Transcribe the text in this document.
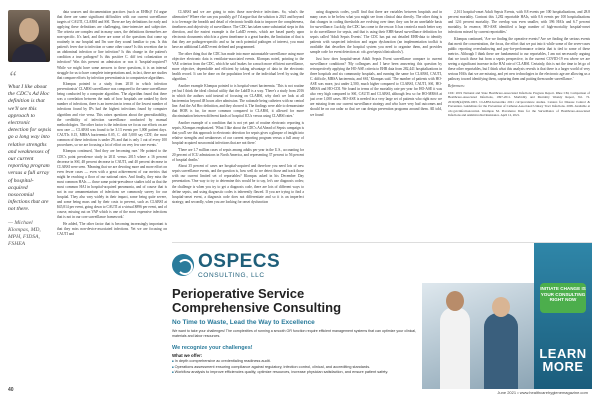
“
What I like about the CDC's Ad Hoc definition is that we'll see this approach to electronic detection for sepsis go a long way into relative strengths and weaknesses of our current reporting program versus a full array of hospital-acquired nosocomial infections that are not there.
— Michael Klompas, MD, MPH, FIDSA, FSHEA

data sources and documentation practices (such as EHRs)? I'd argue that there are some significant difficulties with our current surveillance targets of CAUTI, CLABSI and SSI. There are key definitions for early and applying these definitions are challenging, time-intensive and subjective. The criteria are complex and in many cases, the definitions themselves are non-specific. It's hard, and there are some of the questions that come up routinely in our hospital and I'm sure they sound familiar to you. Is this patient's fever due to infection or some other cause? Is this secretion due to an abdominal infection or line infection? Is this change in the patient's condition a true pathogen? Is this positive C. diff test colonization or infection? Was this present on admission or was it 'hospital-acquired'? While we might have some answers to these questions, it is an internal struggle for us to have complete interpretations and, in fact, there are studies that compare efforts by infection preventionists to computerize algorithms.

Klompas pointed to a study from 2010 in which infection preventionists' CLABSI surveillance was compared to the same surveillance being conducted by a computer algorithm. 'The algorithm found that there was a correlation between the rank of how hospitals are ranked by their number of infections, there is an inversion in terms of the lowest number of infections found by IPs had the highest infections found by computer algorithm and vice versa. This raises questions about the generalizability, the credibility of infection surveillance conducted by manual methodologies. The other factor is the infections we focus our efforts on are now rare — CLABSI was found to be 3.13 events per 1,000 patient days. CAUTIs 0.15, MRSA bacteremia 0.05, C. diff 5,000 say CDT; the most common of these infections is under 2% and that is only 1 out of every 100 procedures, so we are focusing a lot of effort on very few rare events.'

Klompas continued, 'And they are becoming rare.' He pointed to the CDC's point prevalence study in 2011 versus 2015 where a 16 percent decrease in SSI, 48 percent decrease in CAUTI, and 40 percent decrease in CLABSI were seen. 'Meaning that we are devoting more and more effort on even fewer cases — even with a great achievement of our metrics that might be reaching a floor of our national rates. And finally, they miss the most common HAIs — those same point-prevalence studies told us that the most common HAI in hospital-acquired pneumonia, and of course that is not in our armamentarium of infections we commonly survey for our hospital. They also vary widely in their impact, some being quite severe, and some being mass and by their costs to prevent, such as CLABSI at $45,814 per event, going down to CAUTI at a virtual $896 per event, and of course, missing out on VAP which is one of the most expensive infections that is not in our core surveillance framework.'

He added, 'The other factor that is becoming increasingly important is that they miss non-device-associated infections. Yet we are focusing on CAUTI and

CLABSI and we are going to miss those non-device infections. So, what's the alternative? Where else can you possibly go? I'd argue that the solution is 2021 and beyond is to leverage the breadth and detail of electronic health data to improve the completeness, timeliness and objectivity of surveillance. The CDC has taken some substantial steps in this direction, and the easiest example is the LabID events, which are based purely upon electronic documents which in a given timeframe is a great burden, the limitation of that is that they are pathogen-specific and so far each potential pathogen of interest, you must have an additional LabID event defined and programmed.

The other thing that the CDC has made into more automatable surveillance using more objective electronic data is ventilator-associated events. Klompas noted, pointing to the VAE criterion from the CDC, which he said 'makes for a much more efficient surveillance, more objective, dependable and efficient by taking advantage of data in the electronic health record. It can be done on the population level or the individual level by using the algorithm.'

Another example Klompas pointed to is hospital-onset bacteremia. 'This is not routine yet but I think the ideal clinical utility that the LabID is a way. 'There's a study from 2016 in which the authors said instead of focusing on CLABSI, why don't we look at all bacteremias beyond 48 hours after admission. The rationale being catheters with no central line. And the Ad Hoc definition, and they showed it. The findings were able to demonstrate that HOB is far, far more common compared to CLABSI, it allowed for more discrimination between different kinds of hospital ICUs versus using CLABSI rates.'

Another example of a condition that is not yet part of routine electronic reporting is sepsis, Klompas emphasized. 'What I like about the CDC's Ad Ahead of Sepsis campaign is that you'll see this approach to electronic detection for sepsis gives a glimpse of insight into relative strengths and weaknesses of our current reporting program versus a full array of hospital-acquired nosocomial infections that are not there.'

'There are 1.7 million cases of sepsis among adults per year in the U.S., accounting for 20 percent of ICU admissions in North America, and representing 37 percent to 56 percent of hospital deaths.'

About 35 percent of cases are hospital-acquired and therefore you need lots of new sepsis surveillance events, and the question is, how well do we detect those and track those with our current limited set of reportables? Klompas asked in his December Day presentation. 'One way to try to determine this would be to say, let's use diagnosis codes; the challenge is when you try to get a diagnosis code, there are lots of different ways to define sepsis, and using diagnostic codes is inherently flawed. If you are trying to find a hospital-onset event, a diagnosis code does not differentiate and so it is an imperfect strategy, and secondly, when you are looking for onset dysfunction

using diagnosis codes, you'll find that there are variables between hospitals and in many cases to be below what you might see from clinical data directly. The other thing is that changes in coding thresholds are evolving over time; they can be an unreliable basis for surveillance. Luckily, the CDC has come to the rescue. It has created a much better way to do surveillance for sepsis, and that is using their EHR-based surveillance definition for sepsis called 'Adult Sepsis Events'. The CDC has put out detailed EHR-data to identify patients with suspected infection and organ dysfunction (an implementation toolkit is available that describes the hospital system you need to organize them, and provides sample code for event detection at: cdc.gov/sepsis/clinicaltools/).

Just how does hospital-onset Adult Sepsis Event surveillance compare to current surveillance conditions? 'My colleagues and I have been answering this question by retrospectively applying the HO-ASE criteria to EHR data from 282,441 hospitalizations in three hospitals and six community hospitals, and running the same for CLABSI, CAUTI, C. difficile, MRSA bacteremia, and SSI,' Klompas said. 'The number of patients with HO-ASE was more, just under 2,500, much higher compared to CLABSI, CAUTI, SSI, HO-MRSA and HO-CDI. We found in terms of the mortality rate per year for HO-ASE it was also very high compared to SSI, CAUTI and CLABSI, although less so for HO-MRSA at just over 1,000 cases. HO-ASE is needed in a very large set of patients who right now we are missing from our current surveillance strategy and who have very bad outcomes and should be on our radar so that we can design prevention programs around them. All told, we found

2,161 hospital-onset Adult Sepsis Events, with 0.8 events per 100 hospitalizations, and 28.8 percent mortality. Contrast this 1,282 reportable HAIs, with 0.6 events per 100 hospitalizations and 12.6 percent mortality. The overlap was even smaller, with 396 HAIs and 6.7 percent mortality. In essence, HO-ASE identified a large number of high-mortality hospital-onset infections missed by current reportables.'

Klompas continued, 'Are we finding the operative events? Are we finding the serious events that merit the concentration, the focus, the effort that we put into it while some of the sever-cases public reporting overshadowing and pay-for-performance criteria that is tied to some of these metrics. Although I think these are fundamental to our reportables, I am not necessarily arguing that we touch those but from a sepsis perspective, in the current COVID-19 era where we are seeing a significant increase in the HAI rate of CLABSI. Certainly, this is not the time to let go of these other reportables, but I think what this analysis reveals is that there is a larger world of very serious HAIs that we are missing, and yet new technologies in the electronic age are allowing us a pathway toward identifying them, capturing them and putting them under surveillance.'

References:

CDC 2019 National and State Healthcare-Associated Infections Progress Report. Rhee CM, Comparison of Healthcare-Associated Infections, 1997-2011. Morbidity and Mortality Weekly Report, Vol. 72. 2019;68(44):996-1003. CLABSI-bacteremia 2021 cdc/prevalence studies. Centers for Disease Control & Prevention. Guidelines for the Prevention of Catheter-Associated Urinary Tract Infections. 2009. Available at cdc.gov/infectioncontrol. Klompas M. Prevalence Data for the Surveillance of Healthcare-Associated Infections and Antimicrobial Resistance. April 12, 2021.

OSPECS
CONSULTING, LLC
Perioperative Service
Comprehensive Consulting
No Time to Waste, Lead the Way to Excellence
We want to take your challenges! The complexities of running a smooth OR function require efficient management systems that can optimize your clinical, materials and labor resources.
We recognize your challenges!
What we offer:
■ In depth comprehensive ac credentialing readiness audit.
■ Operations assessment ensuring compliance against regulatory, infection control, clinical, and accrediting standards.
■ Workflow analysis to improve efficiencies quality, optimize resources, increase physician satisfaction, and ensure patient safety.
INITIATE CHANGE IS YOUR CONSULTING RIGHT NOW
LEARN MORE
40	June 2021 • www.healthcarehygienemagazine.com
